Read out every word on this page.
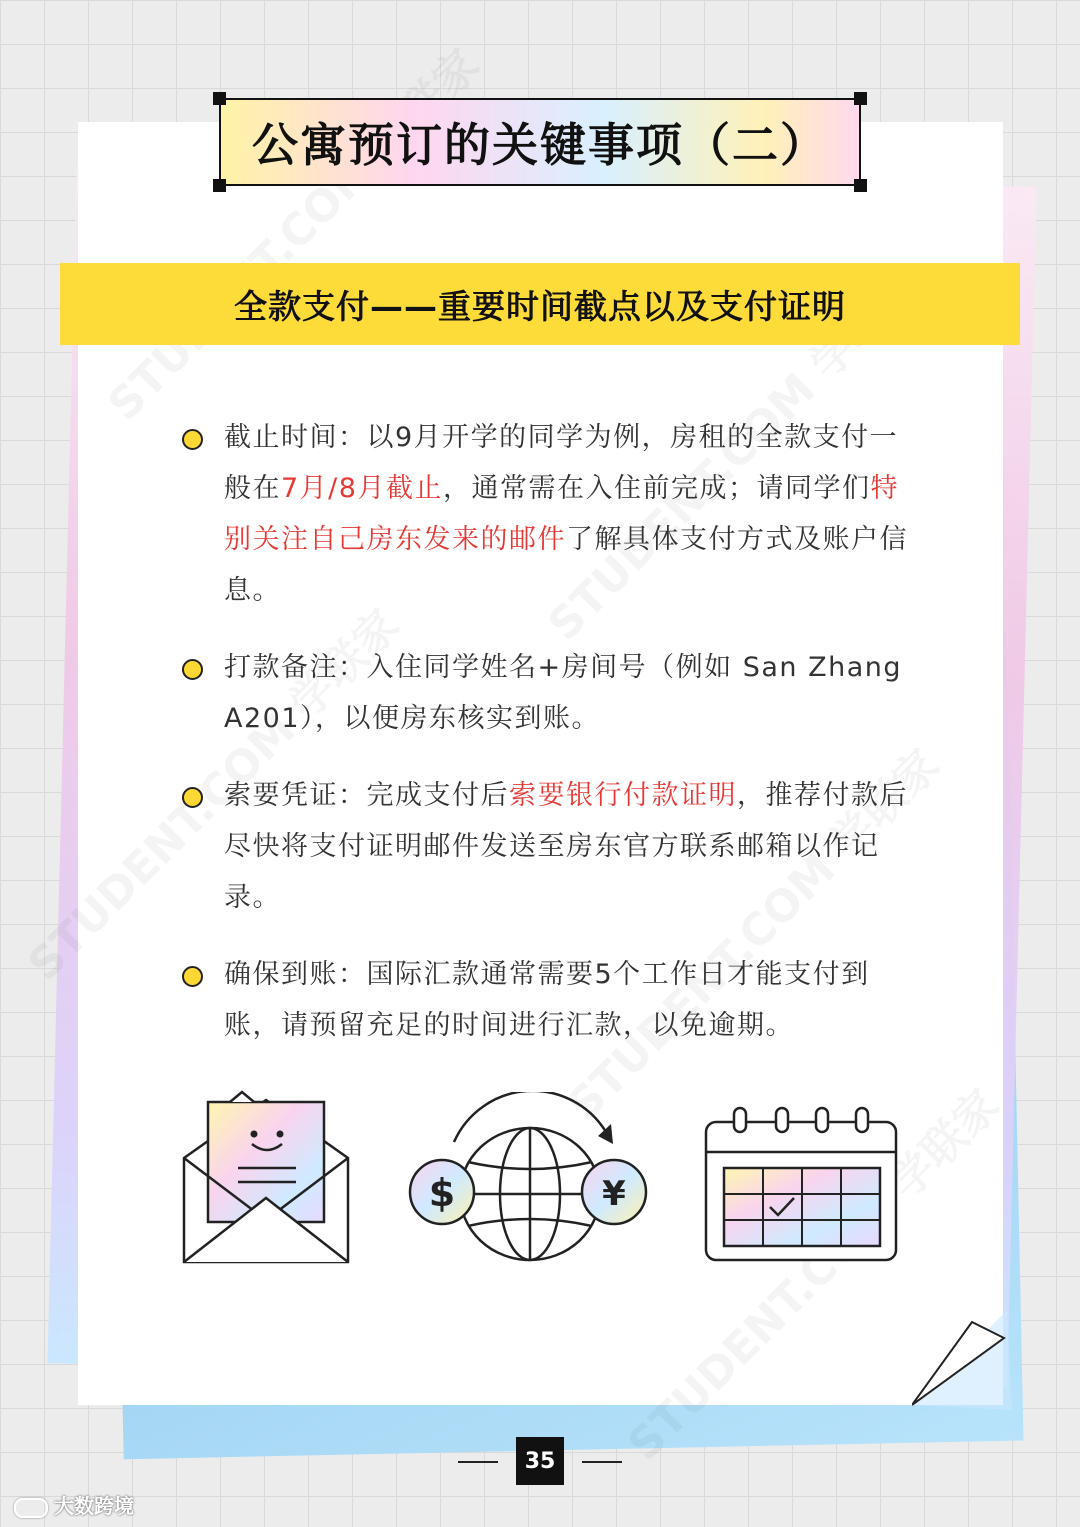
公寓预订的关键事项（二）
全款支付——重要时间截点以及支付证明
截止时间：以9月开学的同学为例，房租的全款支付一般在7月/8月截止，通常需在入住前完成；请同学们特别关注自己房东发来的邮件了解具体支付方式及账户信息。
打款备注：入住同学姓名+房间号（例如 San Zhang A201），以便房东核实到账。
索要凭证：完成支付后索要银行付款证明，推荐付款后尽快将支付证明邮件发送至房东官方联系邮箱以作记录。
确保到账：国际汇款通常需要5个工作日才能支付到账，请预留充足的时间进行汇款，以免逾期。
$	¥
35
大数跨境
